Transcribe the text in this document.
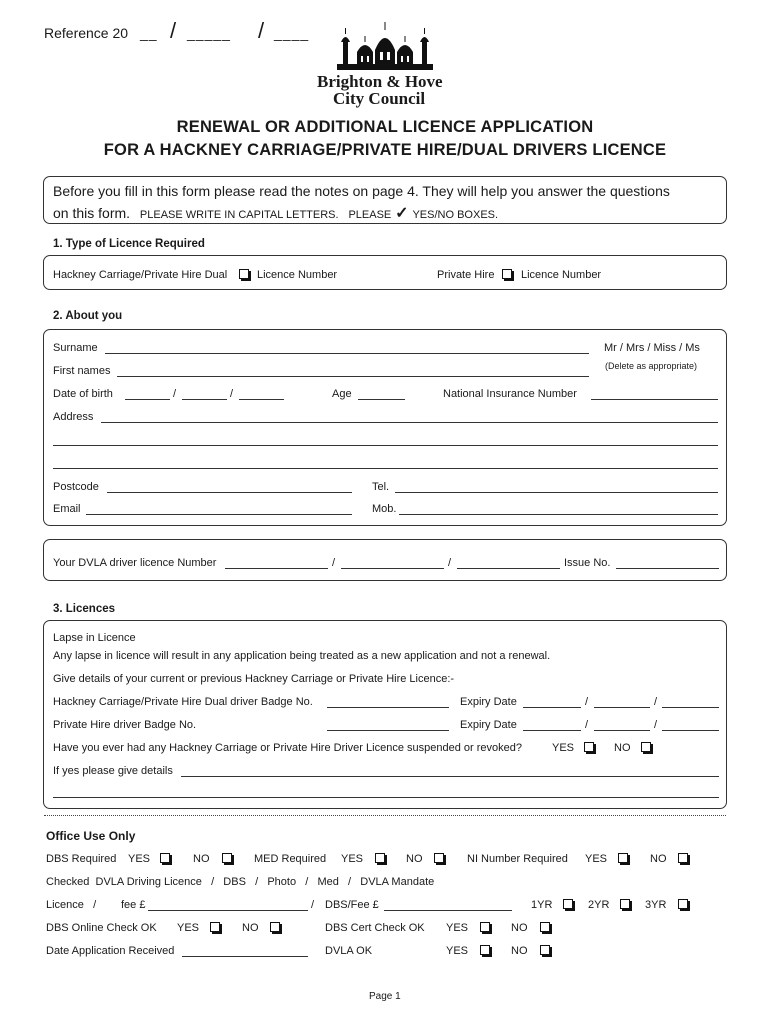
Reference 20 __ / _____ / ____
Brighton & Hove
City Council
RENEWAL OR ADDITIONAL LICENCE APPLICATION
FOR A HACKNEY CARRIAGE/PRIVATE HIRE/DUAL DRIVERS LICENCE
Before you fill in this form please read the notes on page 4. They will help you answer the questions
on this form. PLEASE WRITE IN CAPITAL LETTERS. PLEASE ✓ YES/NO BOXES.
1. Type of Licence Required
Hackney Carriage/Private Hire Dual	Licence Number	Private Hire Licence Number
2. About you
Surname	Mr / Mrs / Miss / Ms
(Delete as appropriate)
First names
Date of birth	/	/	Age	National Insurance Number
Address
Postcode	Tel.
Email	Mob.
Your DVLA driver licence Number	/	/	Issue No.
3. Licences
Lapse in Licence
Any lapse in licence will result in any application being treated as a new application and not a renewal.
Give details of your current or previous Hackney Carriage or Private Hire Licence:-
Hackney Carriage/Private Hire Dual driver Badge No.	Expiry Date	/	/
Private Hire driver Badge No.	Expiry Date	/	/
Have you ever had any Hackney Carriage or Private Hire Driver Licence suspended or revoked?	YES	NO
If yes please give details
Office Use Only
DBS Required YES	NO	MED Required YES	NO	NI Number Required YES	NO
Checked  DVLA Driving Licence   /   DBS   /   Photo   /   Med   /   DVLA Mandate
Licence   / fee £	/ DBS/Fee £	1YR	2YR	3YR
DBS Online Check OK YES	NO	DBS Cert Check OK YES	NO
Date Application Received	DVLA OK	YES	NO
Page 1
